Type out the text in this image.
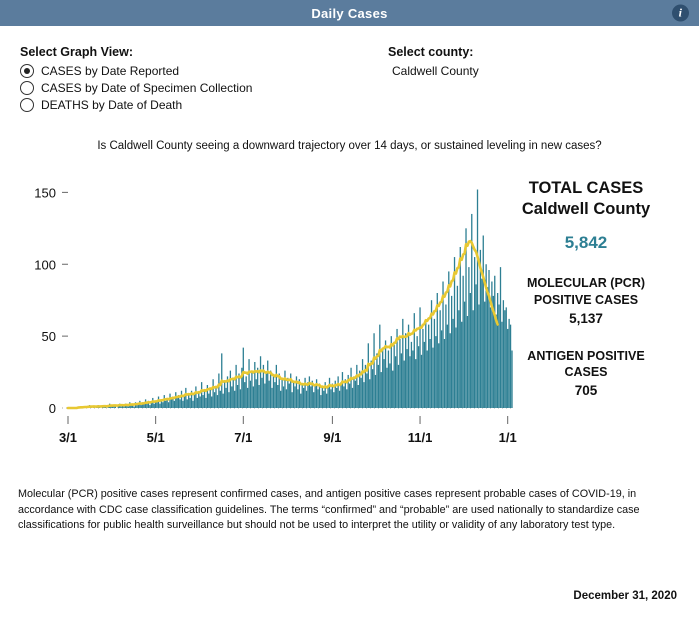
Daily Cases	i
Select Graph View:
CASES by Date Reported
CASES by Date of Specimen Collection
DEATHS by Date of Death
Select county:
Caldwell County
Is Caldwell County seeing a downward trajectory over 14 days, or sustained leveling in new cases?
0
50
100
150
3/1	5/1	7/1	9/1	11/1	1/1
TOTAL CASES
Caldwell County
5,842
MOLECULAR (PCR)
POSITIVE CASES
5,137
ANTIGEN POSITIVE
CASES
705
Molecular (PCR) positive cases represent confirmed cases, and antigen positive cases represent probable cases of COVID-19, in accordance with CDC case classification guidelines. The terms “confirmed” and “probable” are used nationally to standardize case classifications for public health surveillance but should not be used to interpret the utility or validity of any laboratory test type.
December 31, 2020
